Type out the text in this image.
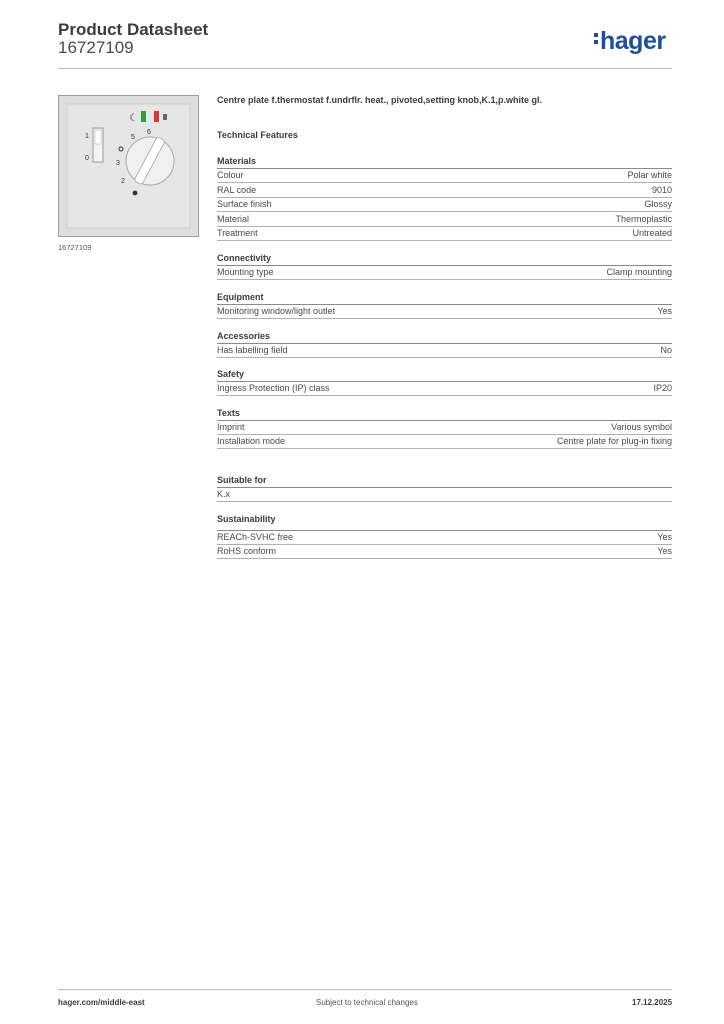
Product Datasheet
16727109	hager
1
0
☾
5
6
3
2
16727109
Centre plate f.thermostat f.undrflr. heat., pivoted,setting knob,K.1,p.white gl.
Technical Features
Materials
Colour	Polar white
RAL code	9010
Surface finish	Glossy
Material	Thermoplastic
Treatment	Untreated
Connectivity
Mounting type	Clamp mounting
Equipment
Monitoring window/light outlet	Yes
Accessories
Has labelling field	No
Safety
Ingress Protection (IP) class	IP20
Texts
Imprint	Various symbol
Installation mode	Centre plate for plug-in fixing
Suitable for
K.x
Sustainability
REACh-SVHC free	Yes
RoHS conform	Yes
hager.com/middle-east	Subject to technical changes	17.12.2025
